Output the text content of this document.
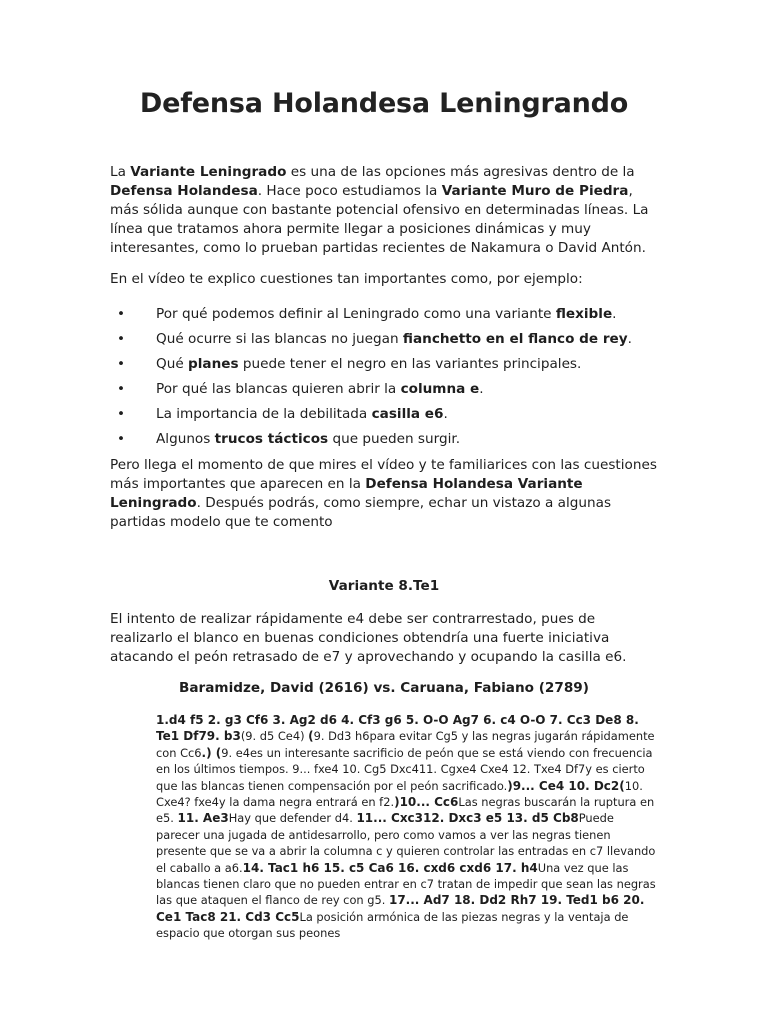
Defensa Holandesa Leningrando

La Variante Leningrado es una de las opciones más agresivas dentro de la Defensa Holandesa. Hace poco estudiamos la Variante Muro de Piedra, más sólida aunque con bastante potencial ofensivo en determinadas líneas. La línea que tratamos ahora permite llegar a posiciones dinámicas y muy interesantes, como lo prueban partidas recientes de Nakamura o David Antón.

En el vídeo te explico cuestiones tan importantes como, por ejemplo:

• Por qué podemos definir al Leningrado como una variante flexible.
• Qué ocurre si las blancas no juegan fianchetto en el flanco de rey.
• Qué planes puede tener el negro en las variantes principales.
• Por qué las blancas quieren abrir la columna e.
• La importancia de la debilitada casilla e6.
• Algunos trucos tácticos que pueden surgir.

Pero llega el momento de que mires el vídeo y te familiarices con las cuestiones más importantes que aparecen en la Defensa Holandesa Variante Leningrado. Después podrás, como siempre, echar un vistazo a algunas partidas modelo que te comento

Variante 8.Te1

El intento de realizar rápidamente e4 debe ser contrarrestado, pues de realizarlo el blanco en buenas condiciones obtendría una fuerte iniciativa atacando el peón retrasado de e7 y aprovechando y ocupando la casilla e6.

Baramidze, David (2616) vs. Caruana, Fabiano (2789)

1.d4 f5 2. g3 Cf6 3. Ag2 d6 4. Cf3 g6 5. O-O Ag7 6. c4 O-O 7. Cc3 De8 8. Te1 Df79. b3(9. d5 Ce4) (9. Dd3 h6para evitar Cg5 y las negras jugarán rápidamente con Cc6.) (9. e4es un interesante sacrificio de peón que se está viendo con frecuencia en los últimos tiempos. 9... fxe4 10. Cg5 Dxc411. Cgxe4 Cxe4 12. Txe4 Df7y es cierto que las blancas tienen compensación por el peón sacrificado.)9... Ce4 10. Dc2(10. Cxe4? fxe4y la dama negra entrará en f2.)10... Cc6Las negras buscarán la ruptura en e5. 11. Ae3Hay que defender d4. 11... Cxc312. Dxc3 e5 13. d5 Cb8Puede parecer una jugada de antidesarrollo, pero como vamos a ver las negras tienen presente que se va a abrir la columna c y quieren controlar las entradas en c7 llevando el caballo a a6.14. Tac1 h6 15. c5 Ca6 16. cxd6 cxd6 17. h4Una vez que las blancas tienen claro que no pueden entrar en c7 tratan de impedir que sean las negras las que ataquen el flanco de rey con g5. 17... Ad7 18. Dd2 Rh7 19. Ted1 b6 20. Ce1 Tac8 21. Cd3 Cc5La posición armónica de las piezas negras y la ventaja de espacio que otorgan sus peones
